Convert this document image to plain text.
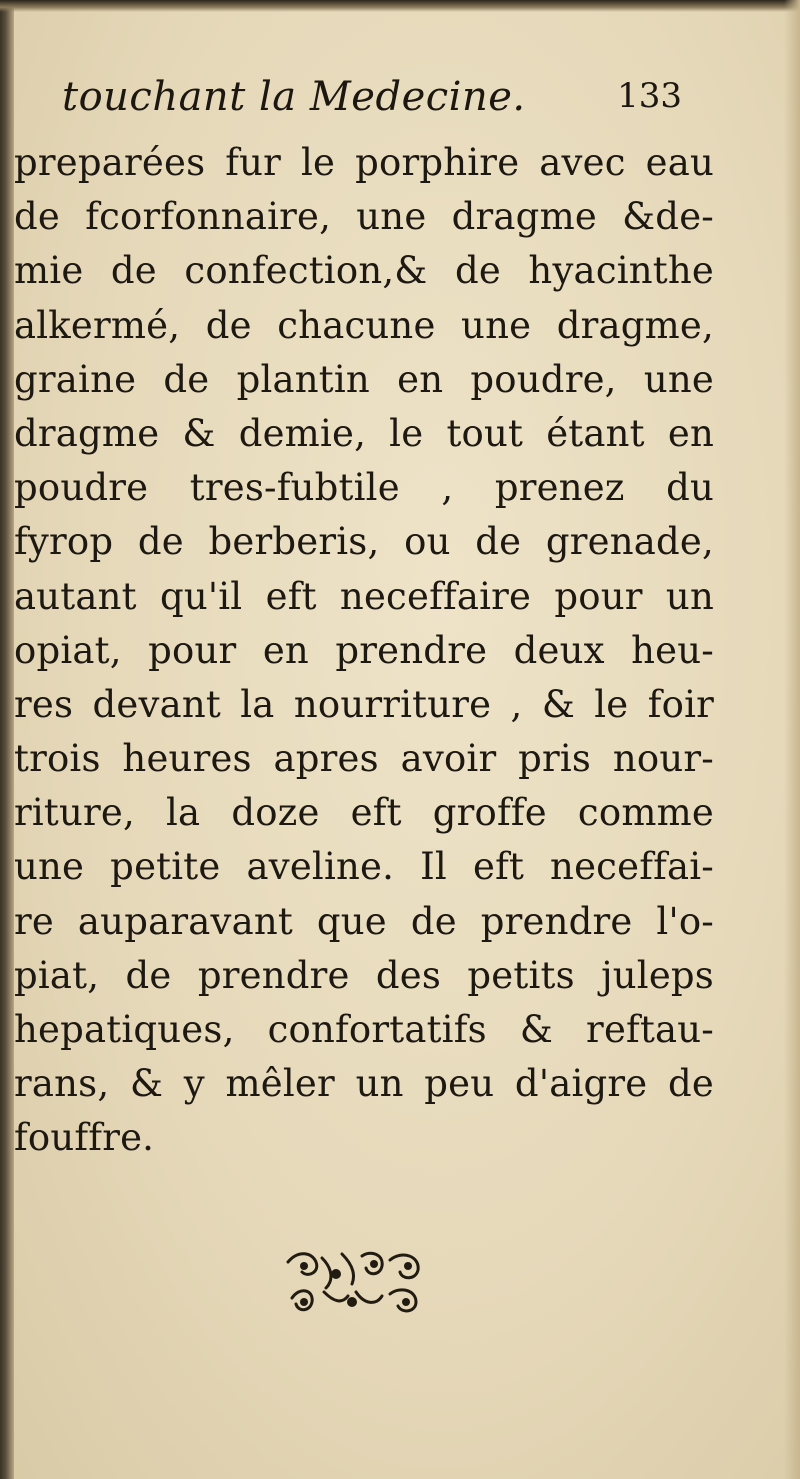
touchant la Medecine.	133
preparées fur le porphire avec eau
de fcorfonnaire, une dragme &de-
mie de confection,& de hyacinthe
alkermé, de chacune une dragme,
graine de plantin en poudre, une
dragme & demie, le tout étant en
poudre tres-fubtile , prenez du
fyrop de berberis, ou de grenade,
autant qu'il eft neceffaire pour un
opiat, pour en prendre deux heu-
res devant la nourriture , & le foir
trois heures apres avoir pris nour-
riture, la doze eft groffe comme
une petite aveline. Il eft neceffai-
re auparavant que de prendre l'o-
piat, de prendre des petits juleps
hepatiques, confortatifs & reftau-
rans, & y mêler un peu d'aigre de
fouffre.
